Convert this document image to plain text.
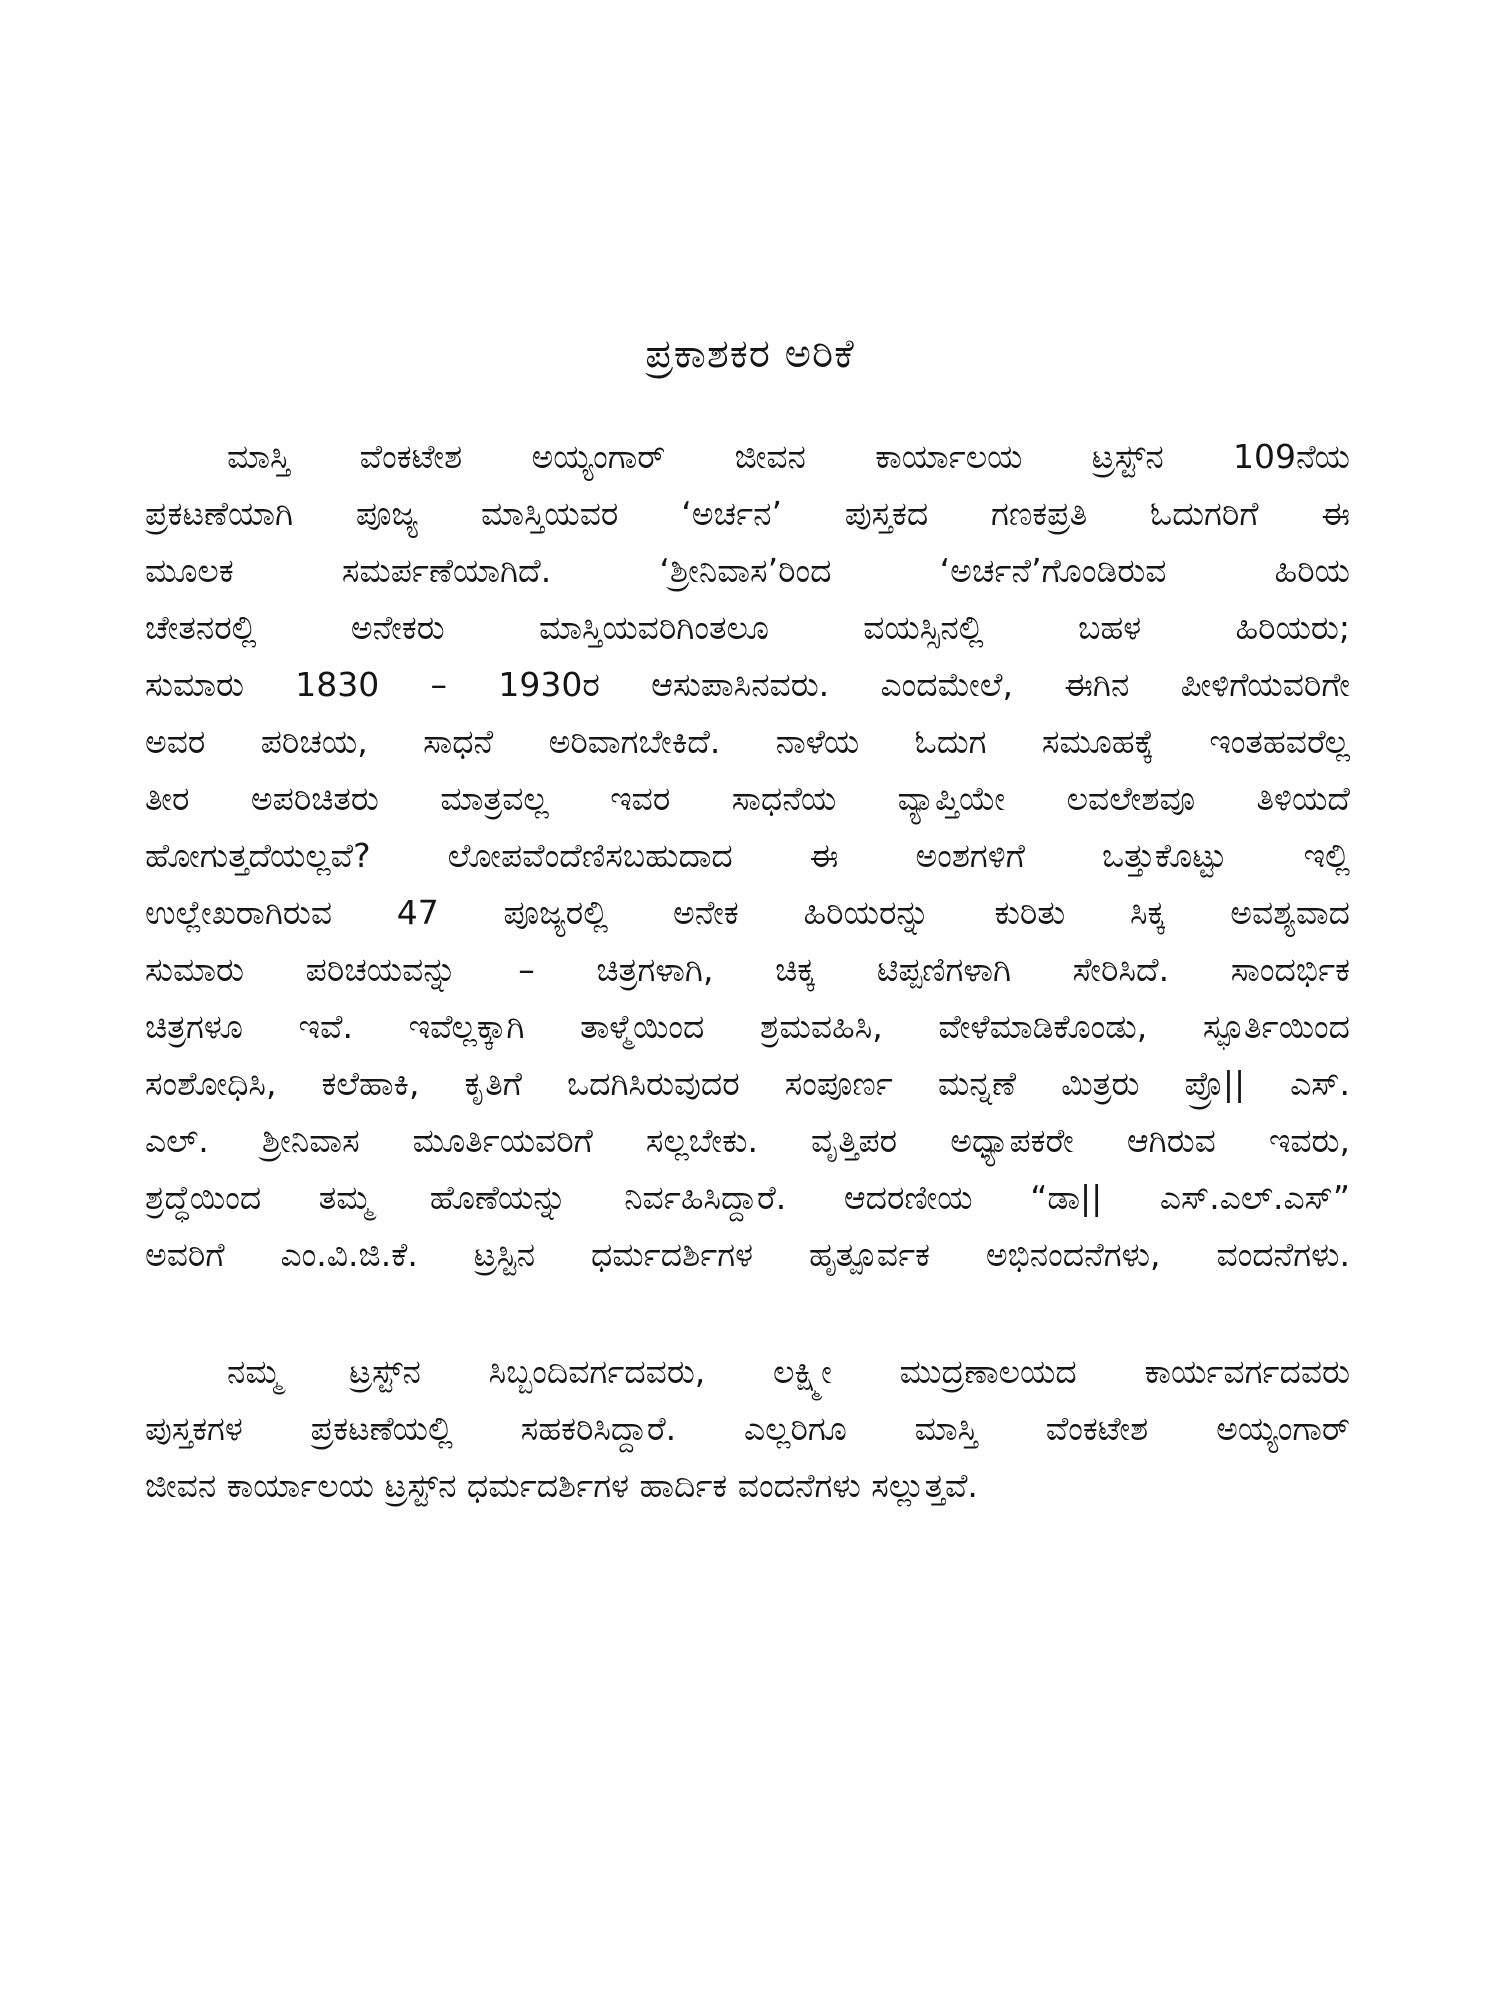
ಪ್ರಕಾಶಕರ ಅರಿಕೆ
ಮಾಸ್ತಿ ವೆಂಕಟೇಶ ಅಯ್ಯಂಗಾರ್ ಜೀವನ ಕಾರ್ಯಾಲಯ ಟ್ರಸ್ಟ್‌ನ 109ನೆಯ
ಪ್ರಕಟಣೆಯಾಗಿ ಪೂಜ್ಯ ಮಾಸ್ತಿಯವರ ‘ಅರ್ಚನ’ ಪುಸ್ತಕದ ಗಣಕಪ್ರತಿ ಓದುಗರಿಗೆ ಈ
ಮೂಲಕ ಸಮರ್ಪಣೆಯಾಗಿದೆ. ‘ಶ್ರೀನಿವಾಸ’ರಿಂದ ‘ಅರ್ಚನೆ’ಗೊಂಡಿರುವ ಹಿರಿಯ
ಚೇತನರಲ್ಲಿ ಅನೇಕರು ಮಾಸ್ತಿಯವರಿಗಿಂತಲೂ ವಯಸ್ಸಿನಲ್ಲಿ ಬಹಳ ಹಿರಿಯರು;
ಸುಮಾರು 1830 – 1930ರ ಆಸುಪಾಸಿನವರು. ಎಂದಮೇಲೆ, ಈಗಿನ ಪೀಳಿಗೆಯವರಿಗೇ
ಅವರ ಪರಿಚಯ, ಸಾಧನೆ ಅರಿವಾಗಬೇಕಿದೆ. ನಾಳೆಯ ಓದುಗ ಸಮೂಹಕ್ಕೆ ಇಂತಹವರೆಲ್ಲ
ತೀರ ಅಪರಿಚಿತರು ಮಾತ್ರವಲ್ಲ ಇವರ ಸಾಧನೆಯ ವ್ಯಾಪ್ತಿಯೇ ಲವಲೇಶವೂ ತಿಳಿಯದೆ
ಹೋಗುತ್ತದೆಯಲ್ಲವೆ? ಲೋಪವೆಂದೆಣಿಸಬಹುದಾದ ಈ ಅಂಶಗಳಿಗೆ ಒತ್ತುಕೊಟ್ಟು ಇಲ್ಲಿ
ಉಲ್ಲೇಖರಾಗಿರುವ 47 ಪೂಜ್ಯರಲ್ಲಿ ಅನೇಕ ಹಿರಿಯರನ್ನು ಕುರಿತು ಸಿಕ್ಕ ಅವಶ್ಯವಾದ
ಸುಮಾರು ಪರಿಚಯವನ್ನು – ಚಿತ್ರಗಳಾಗಿ, ಚಿಕ್ಕ ಟಿಪ್ಪಣಿಗಳಾಗಿ ಸೇರಿಸಿದೆ. ಸಾಂದರ್ಭಿಕ
ಚಿತ್ರಗಳೂ ಇವೆ. ಇವೆಲ್ಲಕ್ಕಾಗಿ ತಾಳ್ಮೆಯಿಂದ ಶ್ರಮವಹಿಸಿ, ವೇಳೆಮಾಡಿಕೊಂಡು, ಸ್ಫೂರ್ತಿಯಿಂದ
ಸಂಶೋಧಿಸಿ, ಕಲೆಹಾಕಿ, ಕೃತಿಗೆ ಒದಗಿಸಿರುವುದರ ಸಂಪೂರ್ಣ ಮನ್ನಣೆ ಮಿತ್ರರು ಪ್ರೊ|| ಎಸ್.
ಎಲ್. ಶ್ರೀನಿವಾಸ ಮೂರ್ತಿಯವರಿಗೆ ಸಲ್ಲಬೇಕು. ವೃತ್ತಿಪರ ಅಧ್ಯಾಪಕರೇ ಆಗಿರುವ ಇವರು,
ಶ್ರದ್ಧೆಯಿಂದ ತಮ್ಮ ಹೊಣೆಯನ್ನು ನಿರ್ವಹಿಸಿದ್ದಾರೆ. ಆದರಣೀಯ “ಡಾ|| ಎಸ್.ಎಲ್.ಎಸ್”
ಅವರಿಗೆ ಎಂ.ವಿ.ಜಿ.ಕೆ. ಟ್ರಸ್ಟಿನ ಧರ್ಮದರ್ಶಿಗಳ ಹೃತ್ಪೂರ್ವಕ ಅಭಿನಂದನೆಗಳು, ವಂದನೆಗಳು.
ನಮ್ಮ ಟ್ರಸ್ಟ್‌ನ ಸಿಬ್ಬಂದಿವರ್ಗದವರು, ಲಕ್ಷ್ಮೀ ಮುದ್ರಣಾಲಯದ ಕಾರ್ಯವರ್ಗದವರು
ಪುಸ್ತಕಗಳ ಪ್ರಕಟಣೆಯಲ್ಲಿ ಸಹಕರಿಸಿದ್ದಾರೆ. ಎಲ್ಲರಿಗೂ ಮಾಸ್ತಿ ವೆಂಕಟೇಶ ಅಯ್ಯಂಗಾರ್
ಜೀವನ ಕಾರ್ಯಾಲಯ ಟ್ರಸ್ಟ್‌ನ ಧರ್ಮದರ್ಶಿಗಳ ಹಾರ್ದಿಕ ವಂದನೆಗಳು ಸಲ್ಲುತ್ತವೆ.
